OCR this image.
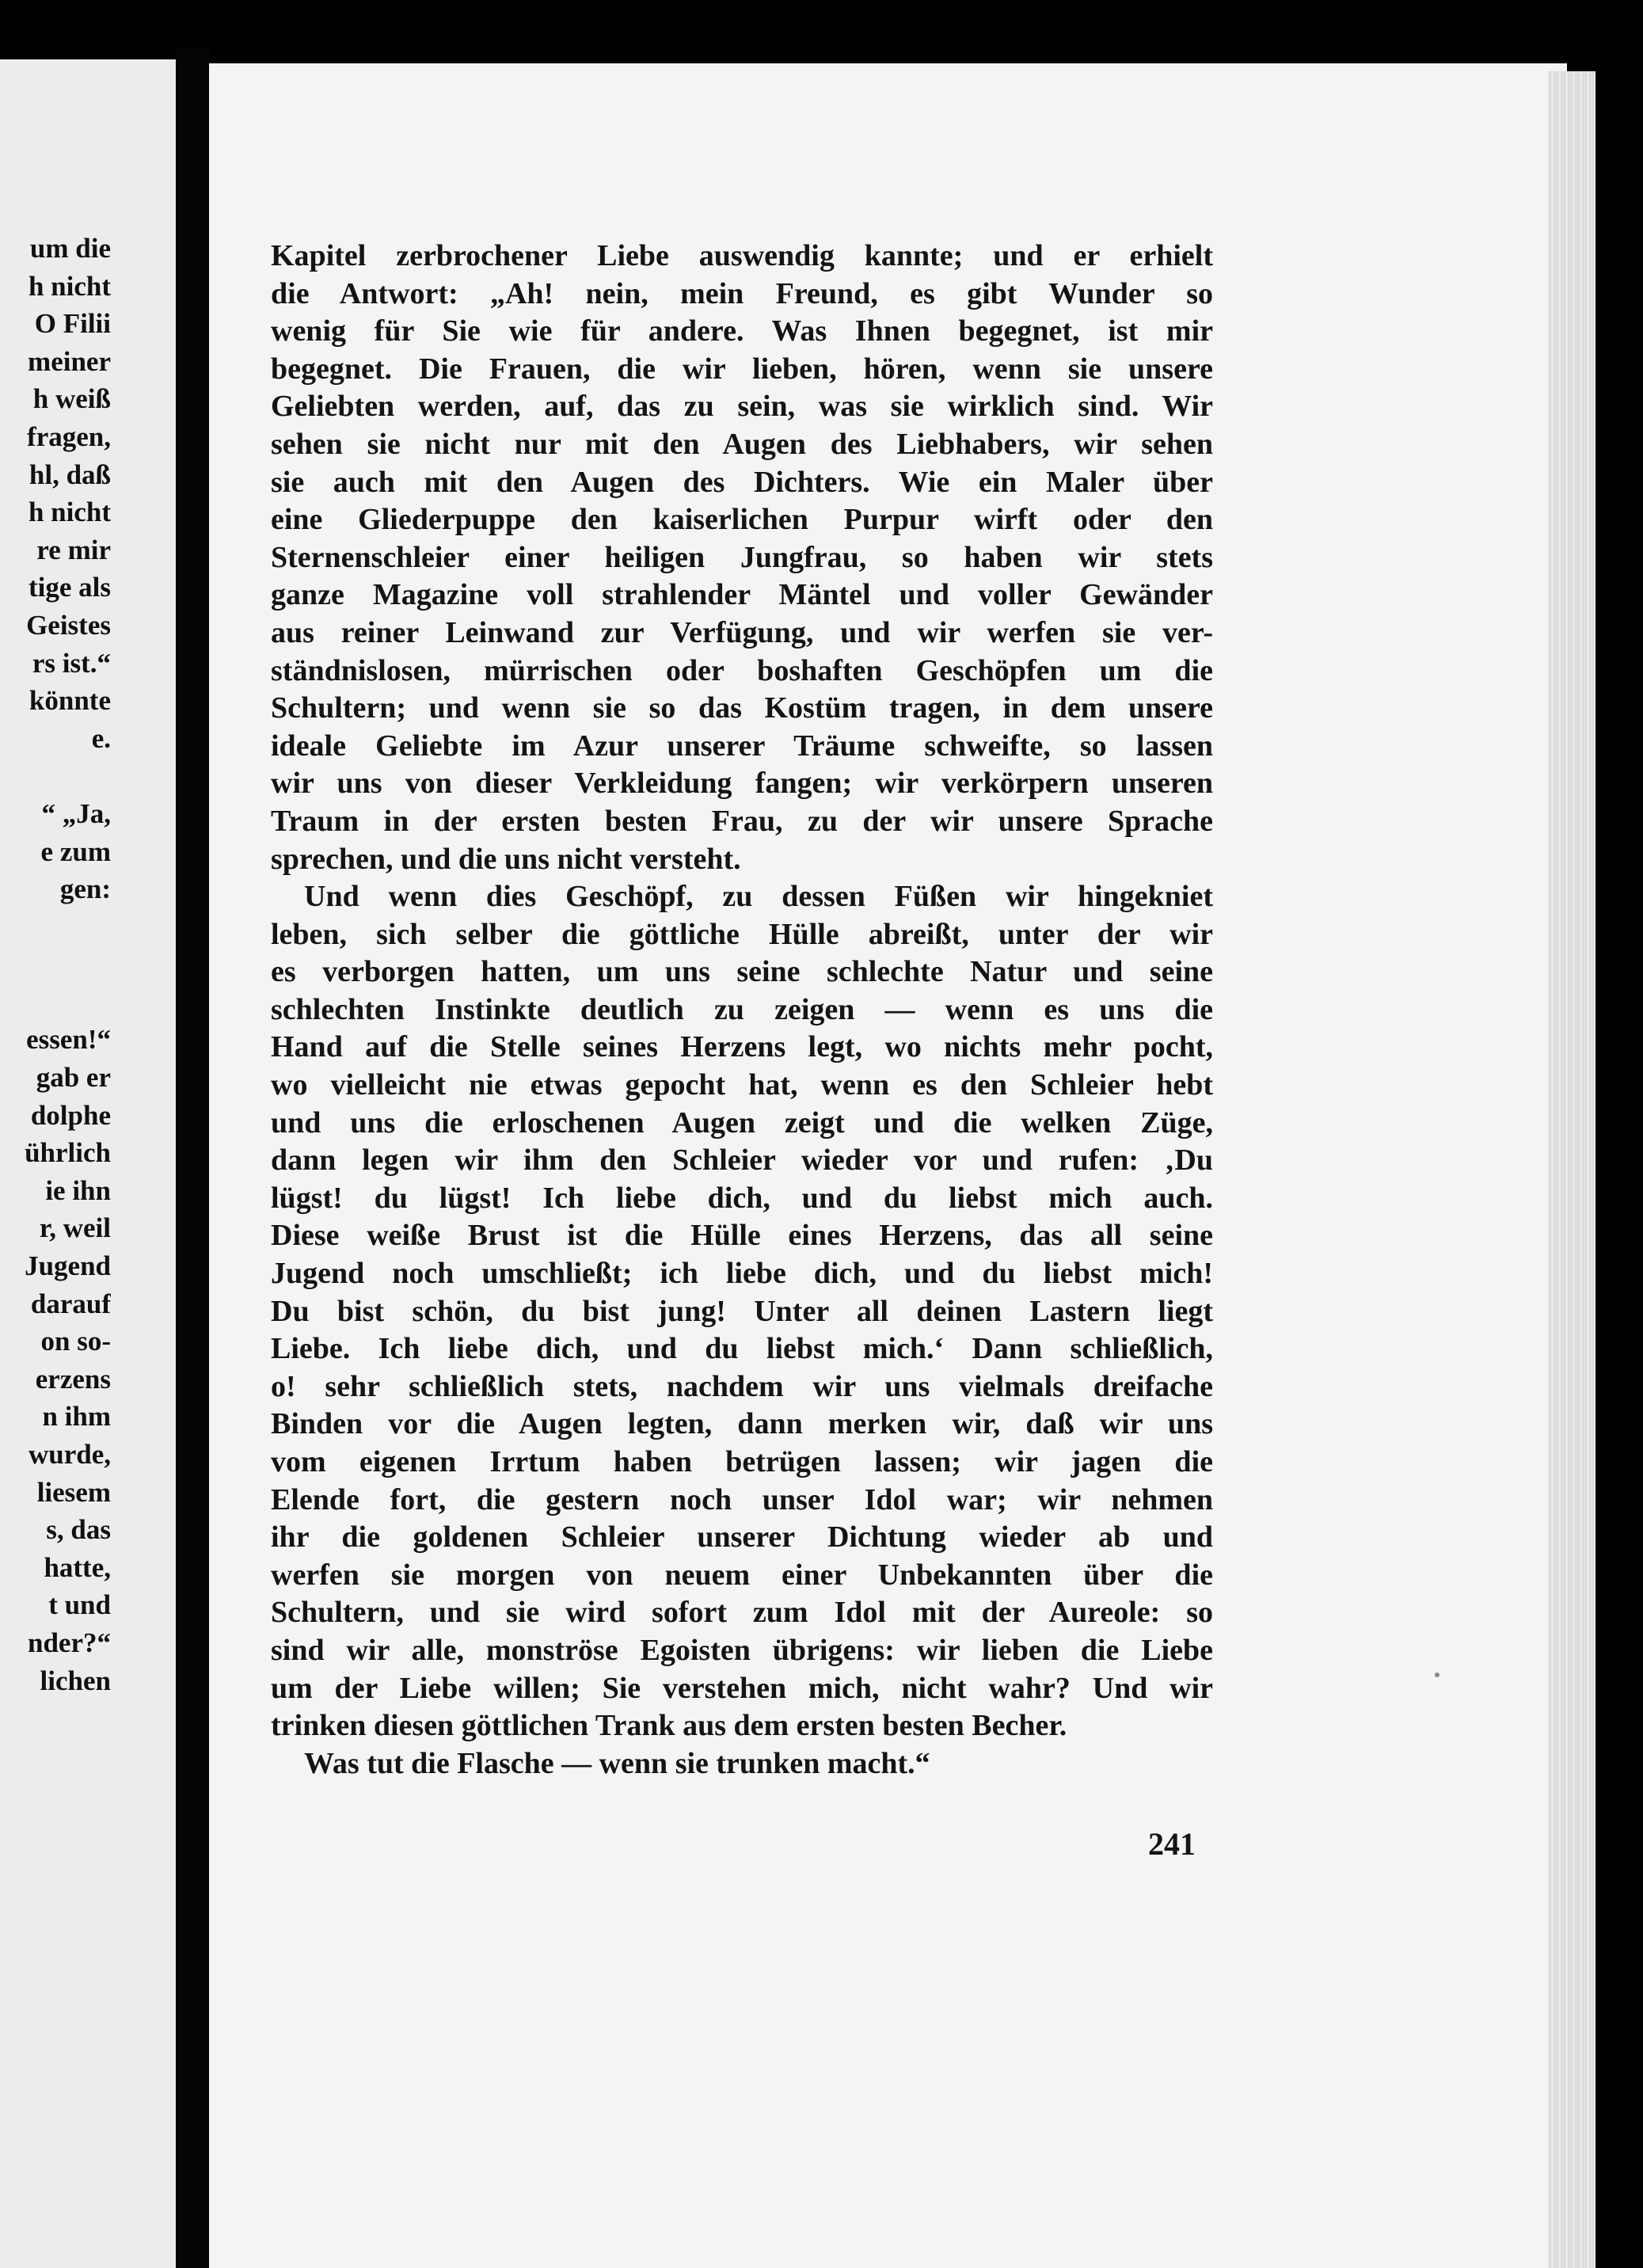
um die
h nicht
O Filii
meiner
h weiß
fragen,
hl, daß
h nicht
re mir
tige als
Geistes
rs ist.“
könnte
e.
“ „Ja,
e zum
gen:
essen!“
gab er
dolphe
ührlich
ie ihn
r, weil
Jugend
darauf
on so-
erzens
n ihm
wurde,
liesem
s, das
hatte,
t und
nder?“
lichen
Kapitel zerbrochener Liebe auswendig kannte; und er erhielt
die Antwort: „Ah! nein, mein Freund, es gibt Wunder so
wenig für Sie wie für andere. Was Ihnen begegnet, ist mir
begegnet. Die Frauen, die wir lieben, hören, wenn sie unsere
Geliebten werden, auf, das zu sein, was sie wirklich sind. Wir
sehen sie nicht nur mit den Augen des Liebhabers, wir sehen
sie auch mit den Augen des Dichters. Wie ein Maler über
eine Gliederpuppe den kaiserlichen Purpur wirft oder den
Sternenschleier einer heiligen Jungfrau, so haben wir stets
ganze Magazine voll strahlender Mäntel und voller Gewänder
aus reiner Leinwand zur Verfügung, und wir werfen sie ver-
ständnislosen, mürrischen oder boshaften Geschöpfen um die
Schultern; und wenn sie so das Kostüm tragen, in dem unsere
ideale Geliebte im Azur unserer Träume schweifte, so lassen
wir uns von dieser Verkleidung fangen; wir verkörpern unseren
Traum in der ersten besten Frau, zu der wir unsere Sprache
sprechen, und die uns nicht versteht.
Und wenn dies Geschöpf, zu dessen Füßen wir hingekniet
leben, sich selber die göttliche Hülle abreißt, unter der wir
es verborgen hatten, um uns seine schlechte Natur und seine
schlechten Instinkte deutlich zu zeigen — wenn es uns die
Hand auf die Stelle seines Herzens legt, wo nichts mehr pocht,
wo vielleicht nie etwas gepocht hat, wenn es den Schleier hebt
und uns die erloschenen Augen zeigt und die welken Züge,
dann legen wir ihm den Schleier wieder vor und rufen: ‚Du
lügst! du lügst! Ich liebe dich, und du liebst mich auch.
Diese weiße Brust ist die Hülle eines Herzens, das all seine
Jugend noch umschließt; ich liebe dich, und du liebst mich!
Du bist schön, du bist jung! Unter all deinen Lastern liegt
Liebe. Ich liebe dich, und du liebst mich.‘ Dann schließlich,
o! sehr schließlich stets, nachdem wir uns vielmals dreifache
Binden vor die Augen legten, dann merken wir, daß wir uns
vom eigenen Irrtum haben betrügen lassen; wir jagen die
Elende fort, die gestern noch unser Idol war; wir nehmen
ihr die goldenen Schleier unserer Dichtung wieder ab und
werfen sie morgen von neuem einer Unbekannten über die
Schultern, und sie wird sofort zum Idol mit der Aureole: so
sind wir alle, monströse Egoisten übrigens: wir lieben die Liebe
um der Liebe willen; Sie verstehen mich, nicht wahr? Und wir
trinken diesen göttlichen Trank aus dem ersten besten Becher.
Was tut die Flasche — wenn sie trunken macht.“
241
